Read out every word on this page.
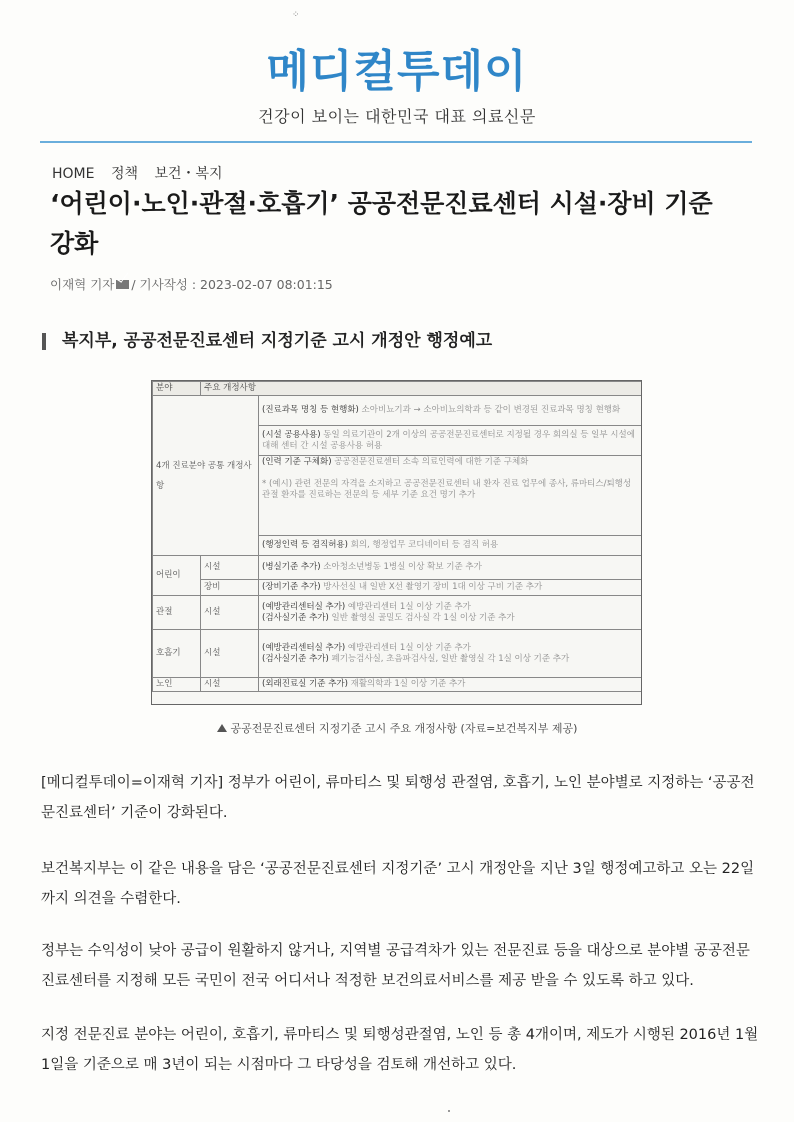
⁘
메디컬투데이
건강이 보이는 대한민국 대표 의료신문
HOME 정책 보건・복지
‘어린이·노인·관절·호흡기’ 공공전문진료센터 시설·장비 기준 강화
이재혁 기자 / 기사작성 : 2023-02-07 08:01:15
복지부, 공공전문진료센터 지정기준 고시 개정안 행정예고
분야	주요 개정사항	
4개 진료분야 공통 개정사항		(진료과목 명칭 등 현행화) 소아비뇨기과 → 소아비뇨의학과 등 같이 변경된 진료과목 명칭 현행화
		(시설 공용사용) 동일 의료기관이 2개 이상의 공공전문진료센터로 지정될 경우 회의실 등 일부 시설에 대해 센터 간 시설 공용사용 허용
		(인력 기준 구체화) 공공전문진료센터 소속 의료인력에 대한 기준 구체화

* (예시) 관련 전문의 자격을 소지하고 공공전문진료센터 내 환자 진료 업무에 종사, 류마티스/퇴행성 관절 환자를 진료하는 전문의 등 세부 기준 요건 명기 추가
		(행정인력 등 겸직허용) 회의, 행정업무 코디네이터 등 겸직 허용
어린이	시설	(병실기준 추가) 소아청소년병동 1병실 이상 확보 기준 추가
	장비	(장비기준 추가) 방사선실 내 일반 X선 촬영기 장비 1대 이상 구비 기준 추가
관절	시설	(예방관리센터실 추가) 예방관리센터 1실 이상 기준 추가
(검사실기준 추가) 일반 촬영실 골밀도 검사실 각 1실 이상 기준 추가
호흡기	시설	(예방관리센터실 추가) 예방관리센터 1실 이상 기준 추가
(검사실기준 추가) 폐기능검사실, 초음파검사실, 일반 촬영실 각 1실 이상 기준 추가
노인	시설	(외래진료실 기준 추가) 재활의학과 1실 이상 기준 추가
공공전문진료센터 지정기준 고시 주요 개정사항 (자료=보건복지부 제공)

[메디컬투데이=이재혁 기자] 정부가 어린이, 류마티스 및 퇴행성 관절염, 호흡기, 노인 분야별로 지정하는 ‘공공전문진료센터’ 기준이 강화된다.

보건복지부는 이 같은 내용을 담은 ‘공공전문진료센터 지정기준’ 고시 개정안을 지난 3일 행정예고하고 오는 22일까지 의견을 수렴한다.

정부는 수익성이 낮아 공급이 원활하지 않거나, 지역별 공급격차가 있는 전문진료 등을 대상으로 분야별 공공전문진료센터를 지정해 모든 국민이 전국 어디서나 적정한 보건의료서비스를 제공 받을 수 있도록 하고 있다.

지정 전문진료 분야는 어린이, 호흡기, 류마티스 및 퇴행성관절염, 노인 등 총 4개이며, 제도가 시행된 2016년 1월 1일을 기준으로 매 3년이 되는 시점마다 그 타당성을 검토해 개선하고 있다.
